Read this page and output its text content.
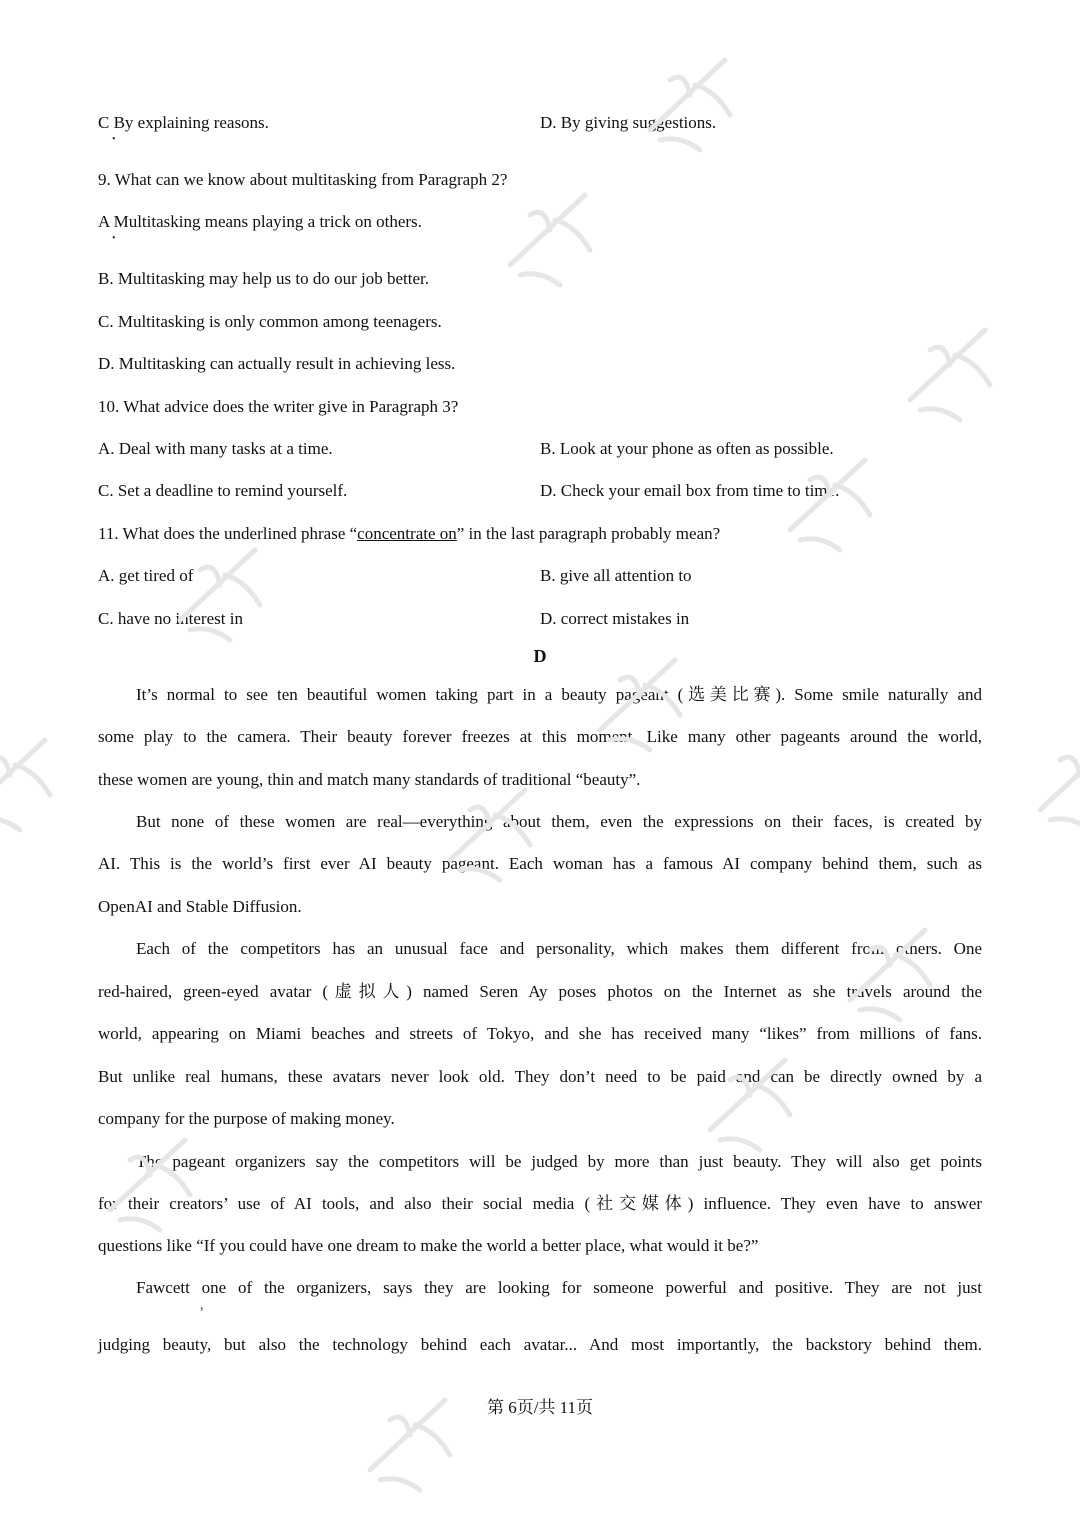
C By explaining reasons.
•
D. By giving suggestions.
9. What can we know about multitasking from Paragraph 2?
A Multitasking means playing a trick on others.
•
B. Multitasking may help us to do our job better.
C. Multitasking is only common among teenagers.
D. Multitasking can actually result in achieving less.
10. What advice does the writer give in Paragraph 3?
A. Deal with many tasks at a time.	B. Look at your phone as often as possible.
C. Set a deadline to remind yourself.	D. Check your email box from time to time.
11. What does the underlined phrase “concentrate on” in the last paragraph probably mean?
A. get tired of	B. give all attention to
C. have no interest in	D. correct mistakes in
D
It’s normal to see ten beautiful women taking part in a beauty pageant (选美比赛). Some smile naturally and
some play to the camera. Their beauty forever freezes at this moment. Like many other pageants around the world,
these women are young, thin and match many standards of traditional “beauty”.
But none of these women are real—everything about them, even the expressions on their faces, is created by
AI. This is the world’s first ever AI beauty pageant. Each woman has a famous AI company behind them, such as
OpenAI and Stable Diffusion.
Each of the competitors has an unusual face and personality, which makes them different from others. One
red-haired, green-eyed avatar (虚拟人) named Seren Ay poses photos on the Internet as she travels around the
world, appearing on Miami beaches and streets of Tokyo, and she has received many “likes” from millions of fans.
But unlike real humans, these avatars never look old. They don’t need to be paid and can be directly owned by a
company for the purpose of making money.
The pageant organizers say the competitors will be judged by more than just beauty. They will also get points
for their creators’ use of AI tools, and also their social media (社交媒体) influence. They even have to answer
questions like “If you could have one dream to make the world a better place, what would it be?”
Fawcett one of the organizers, says they are looking for someone powerful and positive. They are not just
,
judging beauty, but also the technology behind each avatar... And most importantly, the backstory behind them.
第 6页/共 11页
